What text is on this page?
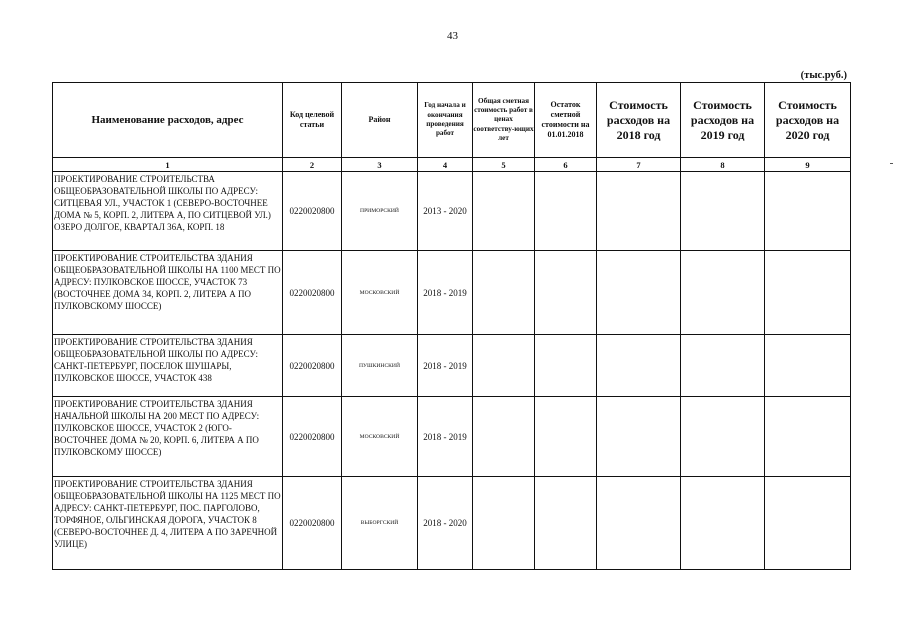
43
(тыс.руб.)
Наименование расходов, адрес	Код целевой статьи	Район	Год начала и окончания проведения работ	Общая сметная стоимость работ в ценах соответству-ющих лет	Остаток сметной стоимости на 01.01.2018	Стоимость расходов на 2018 год	Стоимость расходов на 2019 год	Стоимость расходов на 2020 год
1	2	3	4	5	6	7	8	9
ПРОЕКТИРОВАНИЕ СТРОИТЕЛЬСТВА ОБЩЕОБРАЗОВАТЕЛЬНОЙ ШКОЛЫ ПО АДРЕСУ: СИТЦЕВАЯ УЛ., УЧАСТОК 1 (СЕВЕРО-ВОСТОЧНЕЕ ДОМА № 5, КОРП. 2, ЛИТЕРА А, ПО СИТЦЕВОЙ УЛ.) ОЗЕРО ДОЛГОЕ, КВАРТАЛ 36А, КОРП. 18	0220020800	ПРИМОРСКИЙ	2013 - 2020					
ПРОЕКТИРОВАНИЕ СТРОИТЕЛЬСТВА ЗДАНИЯ ОБЩЕОБРАЗОВАТЕЛЬНОЙ ШКОЛЫ НА 1100 МЕСТ ПО АДРЕСУ: ПУЛКОВСКОЕ ШОССЕ, УЧАСТОК 73 (ВОСТОЧНЕЕ ДОМА 34, КОРП. 2, ЛИТЕРА А ПО ПУЛКОВСКОМУ ШОССЕ)	0220020800	МОСКОВСКИЙ	2018 - 2019					
ПРОЕКТИРОВАНИЕ СТРОИТЕЛЬСТВА ЗДАНИЯ ОБЩЕОБРАЗОВАТЕЛЬНОЙ ШКОЛЫ ПО АДРЕСУ: САНКТ-ПЕТЕРБУРГ, ПОСЕЛОК ШУШАРЫ, ПУЛКОВСКОЕ ШОССЕ, УЧАСТОК 438	0220020800	ПУШКИНСКИЙ	2018 - 2019					
ПРОЕКТИРОВАНИЕ СТРОИТЕЛЬСТВА ЗДАНИЯ НАЧАЛЬНОЙ ШКОЛЫ НА 200 МЕСТ ПО АДРЕСУ: ПУЛКОВСКОЕ ШОССЕ, УЧАСТОК 2 (ЮГО-ВОСТОЧНЕЕ ДОМА № 20, КОРП. 6, ЛИТЕРА А ПО ПУЛКОВСКОМУ ШОССЕ)	0220020800	МОСКОВСКИЙ	2018 - 2019					
ПРОЕКТИРОВАНИЕ СТРОИТЕЛЬСТВА ЗДАНИЯ ОБЩЕОБРАЗОВАТЕЛЬНОЙ ШКОЛЫ НА 1125 МЕСТ ПО АДРЕСУ: САНКТ-ПЕТЕРБУРГ, ПОС. ПАРГОЛОВО, ТОРФЯНОЕ, ОЛЬГИНСКАЯ ДОРОГА, УЧАСТОК 8 (СЕВЕРО-ВОСТОЧНЕЕ Д. 4, ЛИТЕРА А ПО ЗАРЕЧНОЙ УЛИЦЕ)	0220020800	ВЫБОРГСКИЙ	2018 - 2020					
